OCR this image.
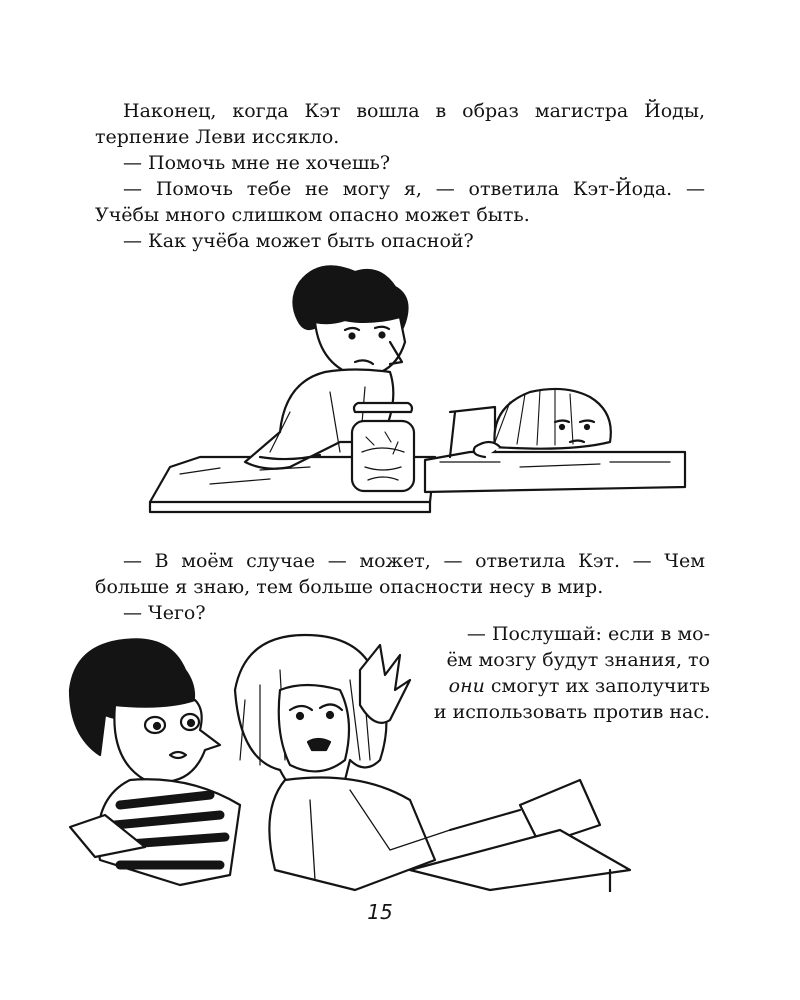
Наконец, когда Кэт вошла в образ магистра Йоды, терпение Леви иссякло.

— Помочь мне не хочешь?

— Помочь тебе не могу я, — ответила Кэт-Йода. — Учёбы много слишком опасно может быть.

— Как учёба может быть опасной?

— В моём случае — может, — ответила Кэт. — Чем больше я знаю, тем больше опасности несу в мир.

— Чего?

— Послушай: если в мо-

ём мозгу будут знания, то

они смогут их заполучить

и использовать против нас.

15
